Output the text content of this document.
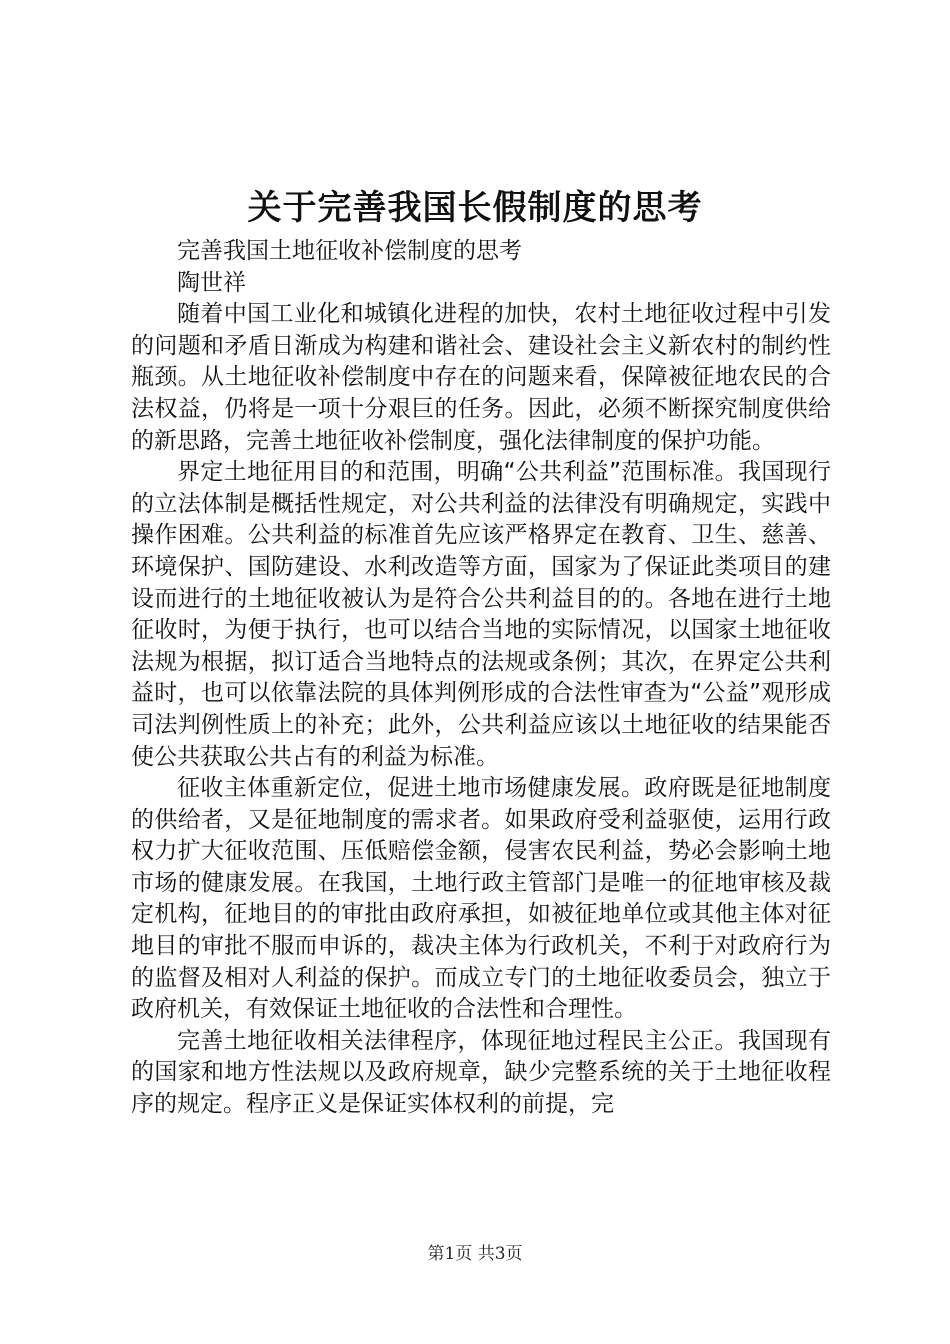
关于完善我国长假制度的思考

完善我国土地征收补偿制度的思考

陶世祥

随着中国工业化和城镇化进程的加快，农村土地征收过程中引发的问题和矛盾日渐成为构建和谐社会、建设社会主义新农村的制约性瓶颈。从土地征收补偿制度中存在的问题来看，保障被征地农民的合法权益，仍将是一项十分艰巨的任务。因此，必须不断探究制度供给的新思路，完善土地征收补偿制度，强化法律制度的保护功能。

界定土地征用目的和范围，明确“公共利益”范围标准。我国现行的立法体制是概括性规定，对公共利益的法律没有明确规定，实践中操作困难。公共利益的标准首先应该严格界定在教育、卫生、慈善、环境保护、国防建设、水利改造等方面，国家为了保证此类项目的建设而进行的土地征收被认为是符合公共利益目的的。各地在进行土地征收时，为便于执行，也可以结合当地的实际情况，以国家土地征收法规为根据，拟订适合当地特点的法规或条例；其次，在界定公共利益时，也可以依靠法院的具体判例形成的合法性审查为“公益”观形成司法判例性质上的补充；此外，公共利益应该以土地征收的结果能否使公共获取公共占有的利益为标准。

征收主体重新定位，促进土地市场健康发展。政府既是征地制度的供给者，又是征地制度的需求者。如果政府受利益驱使，运用行政权力扩大征收范围、压低赔偿金额，侵害农民利益，势必会影响土地市场的健康发展。在我国，土地行政主管部门是唯一的征地审核及裁定机构，征地目的的审批由政府承担，如被征地单位或其他主体对征地目的审批不服而申诉的，裁决主体为行政机关，不利于对政府行为的监督及相对人利益的保护。而成立专门的土地征收委员会，独立于政府机关，有效保证土地征收的合法性和合理性。

完善土地征收相关法律程序，体现征地过程民主公正。我国现有的国家和地方性法规以及政府规章，缺少完整系统的关于土地征收程序的规定。程序正义是保证实体权利的前提，完

第1页 共3页
